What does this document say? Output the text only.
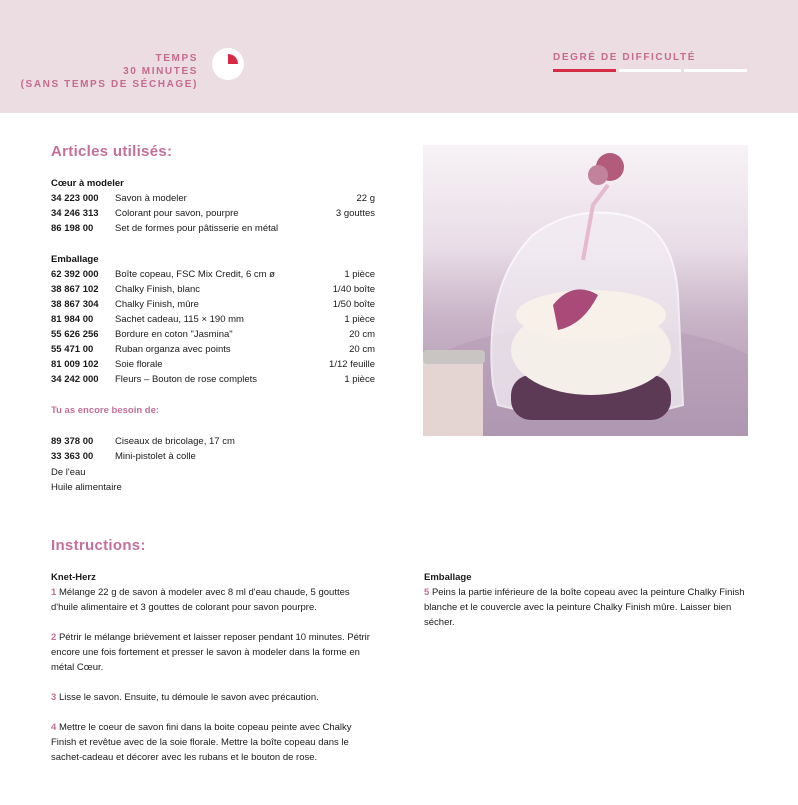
TEMPS
30 MINUTES
(SANS TEMPS DE SÉCHAGE)
DEGRÉ DE DIFFICULTÉ
Articles utilisés:
Cœur à modeler
34 223 000 Savon à modeler	22 g
34 246 313 Colorant pour savon, pourpre	3 gouttes
86 198 00 Set de formes pour pâtisserie en métal
Emballage
62 392 000 Boîte copeau, FSC Mix Credit, 6 cm ø	1 pièce
38 867 102 Chalky Finish, blanc	1/40 boîte
38 867 304 Chalky Finish, mûre	1/50 boîte
81 984 00 Sachet cadeau, 115 × 190 mm	1 pièce
55 626 256 Bordure en coton "Jasmina"	20 cm
55 471 00 Ruban organza avec points	20 cm
81 009 102 Soie florale	1/12 feuille
34 242 000 Fleurs – Bouton de rose complets	1 pièce
Tu as encore besoin de:
89 378 00 Ciseaux de bricolage, 17 cm
33 363 00 Mini-pistolet à colle
De l'eau
Huile alimentaire
Instructions:
Knet-Herz

1 Mélange 22 g de savon à modeler avec 8 ml d'eau chaude, 5 gouttes d'huile alimentaire et 3 gouttes de colorant pour savon pourpre.

2 Pétrir le mélange brièvement et laisser reposer pendant 10 minutes. Pétrir encore une fois fortement et presser le savon à modeler dans la forme en métal Cœur.

3 Lisse le savon. Ensuite, tu démoule le savon avec précaution.

4 Mettre le coeur de savon fini dans la boite copeau peinte avec Chalky Finish et revêtue avec de la soie florale. Mettre la boîte copeau dans le sachet-cadeau et décorer avec les rubans et le bouton de rose.

Emballage

5 Peins la partie inférieure de la boîte copeau avec la peinture Chalky Finish blanche et le couvercle avec la peinture Chalky Finish mûre. Laisser bien sécher.
